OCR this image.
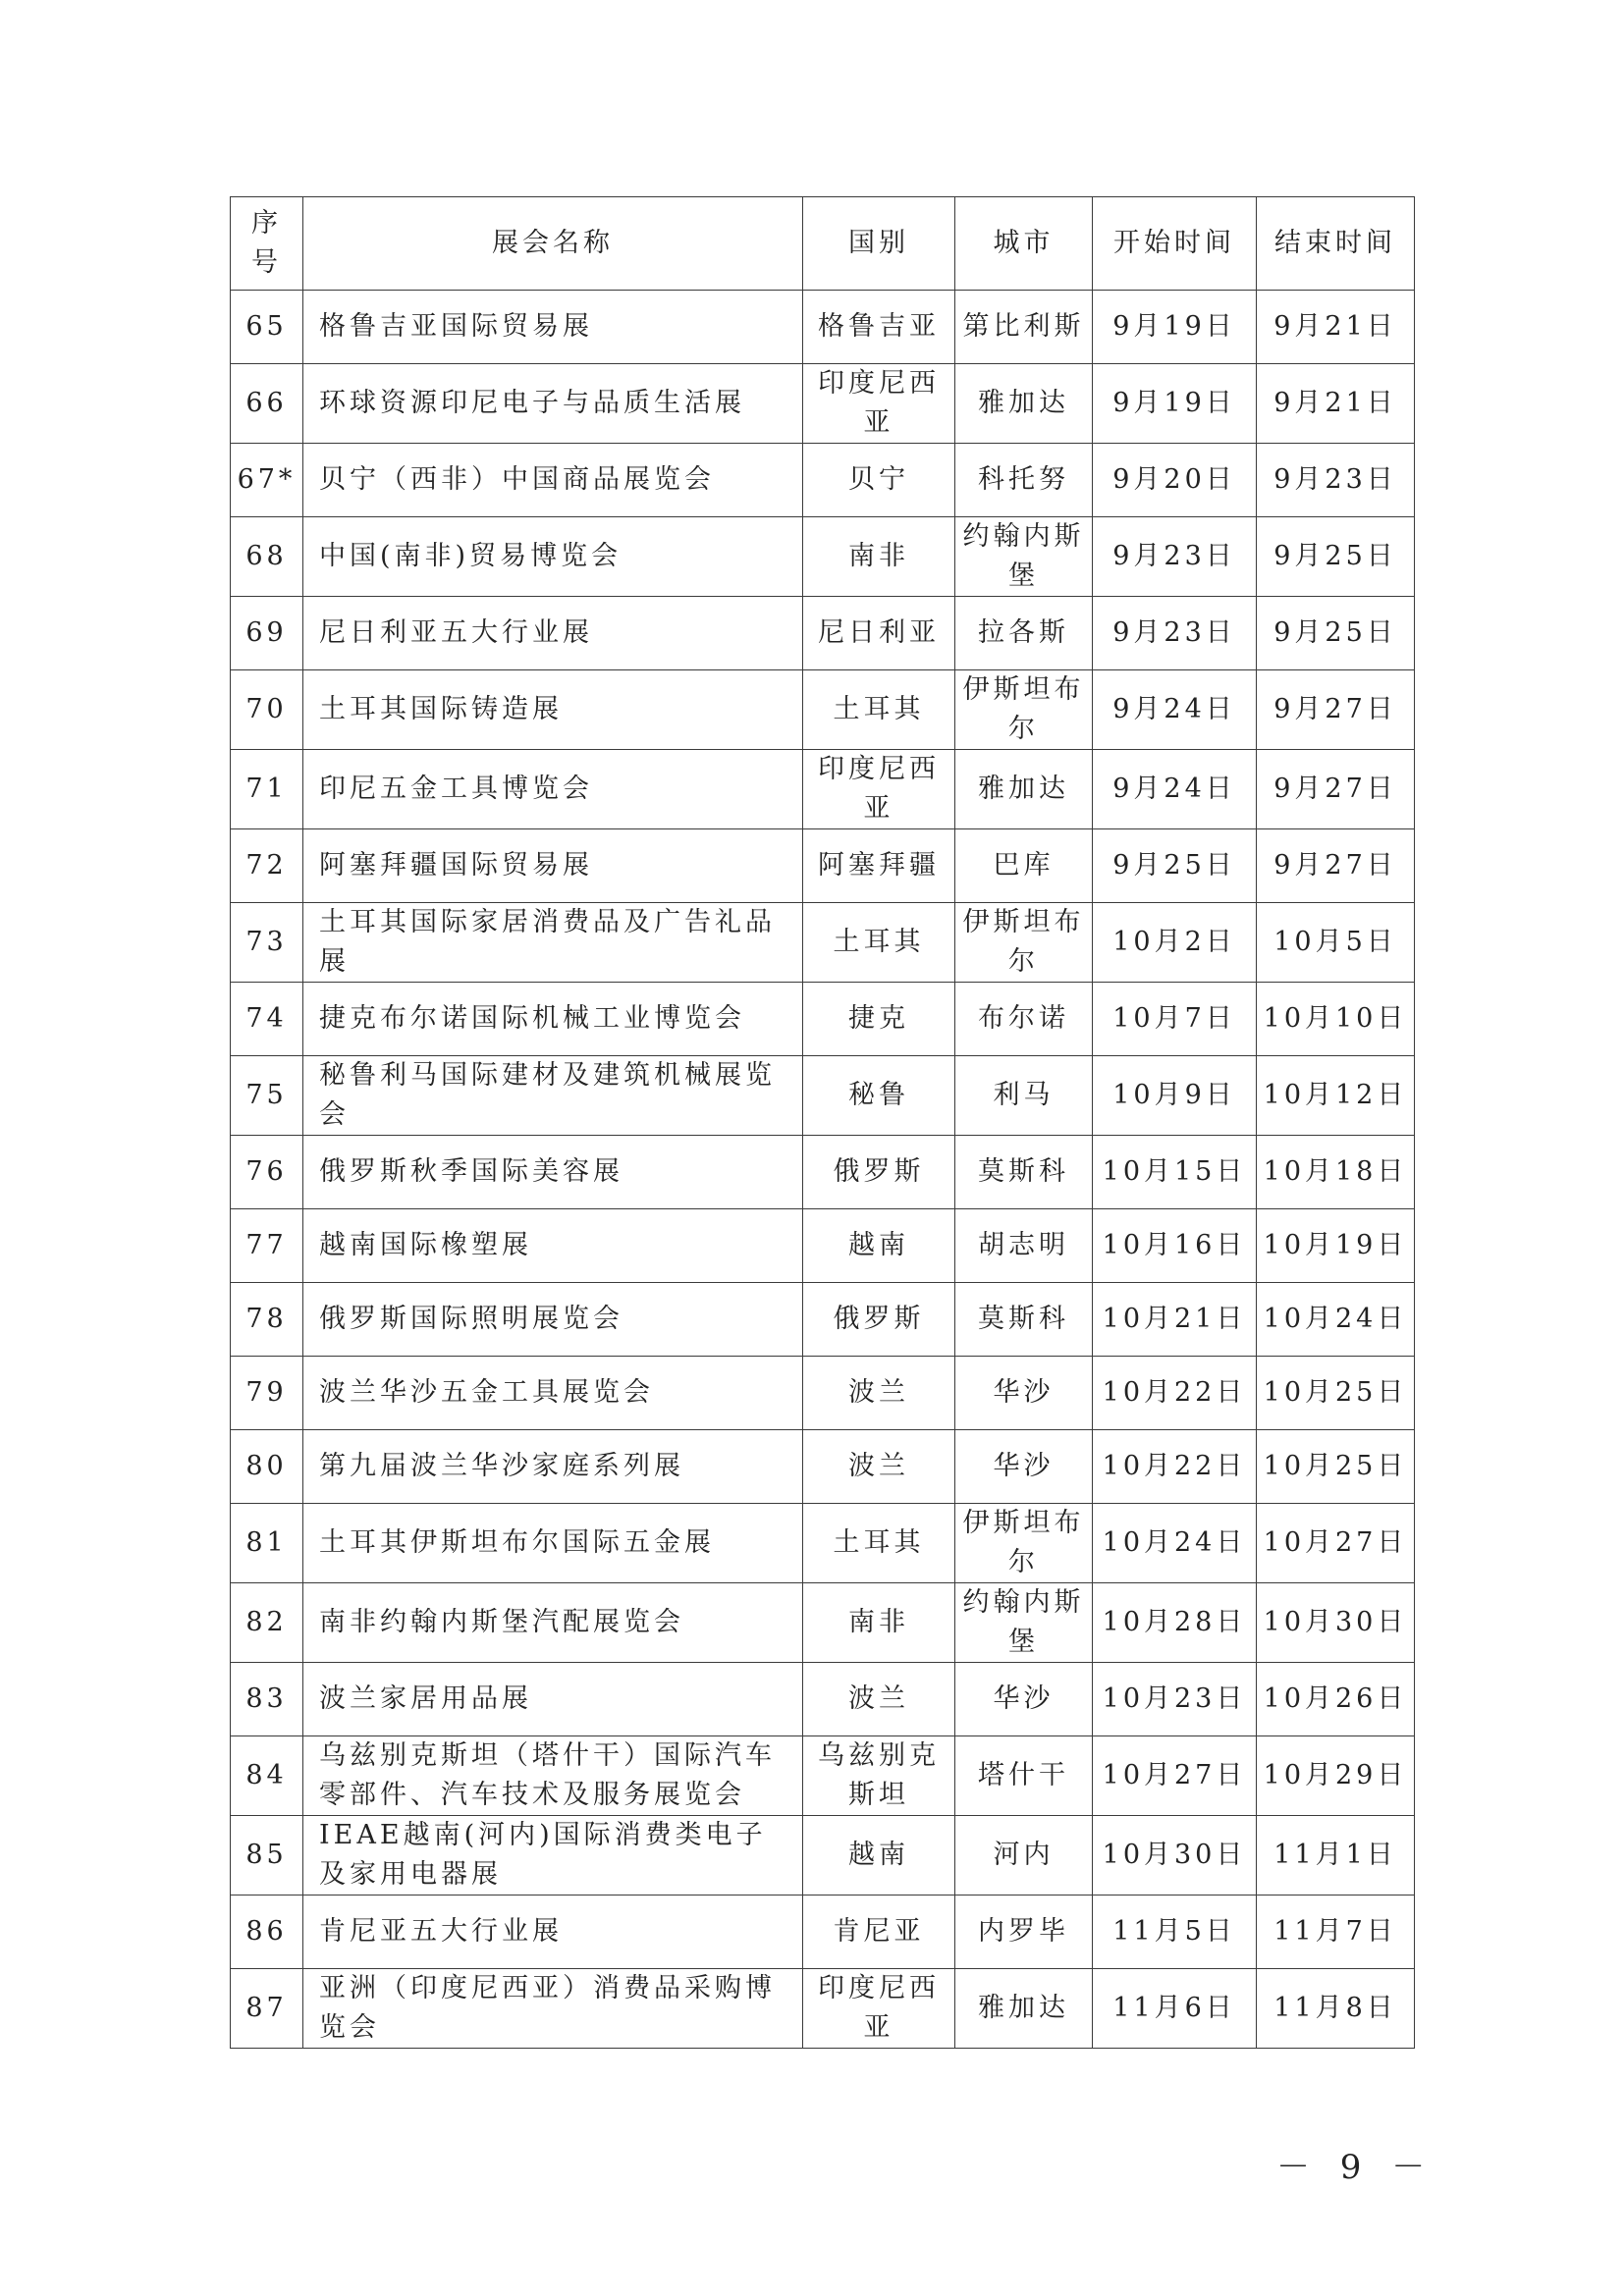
序号	展会名称	国别	城市	开始时间	结束时间
65	格鲁吉亚国际贸易展	格鲁吉亚	第比利斯	9月19日	9月21日
66	环球资源印尼电子与品质生活展	印度尼西亚	雅加达	9月19日	9月21日
67*	贝宁（西非）中国商品展览会	贝宁	科托努	9月20日	9月23日
68	中国(南非)贸易博览会	南非	约翰内斯堡	9月23日	9月25日
69	尼日利亚五大行业展	尼日利亚	拉各斯	9月23日	9月25日
70	土耳其国际铸造展	土耳其	伊斯坦布尔	9月24日	9月27日
71	印尼五金工具博览会	印度尼西亚	雅加达	9月24日	9月27日
72	阿塞拜疆国际贸易展	阿塞拜疆	巴库	9月25日	9月27日
73	土耳其国际家居消费品及广告礼品展	土耳其	伊斯坦布尔	10月2日	10月5日
74	捷克布尔诺国际机械工业博览会	捷克	布尔诺	10月7日	10月10日
75	秘鲁利马国际建材及建筑机械展览会	秘鲁	利马	10月9日	10月12日
76	俄罗斯秋季国际美容展	俄罗斯	莫斯科	10月15日	10月18日
77	越南国际橡塑展	越南	胡志明	10月16日	10月19日
78	俄罗斯国际照明展览会	俄罗斯	莫斯科	10月21日	10月24日
79	波兰华沙五金工具展览会	波兰	华沙	10月22日	10月25日
80	第九届波兰华沙家庭系列展	波兰	华沙	10月22日	10月25日
81	土耳其伊斯坦布尔国际五金展	土耳其	伊斯坦布尔	10月24日	10月27日
82	南非约翰内斯堡汽配展览会	南非	约翰内斯堡	10月28日	10月30日
83	波兰家居用品展	波兰	华沙	10月23日	10月26日
84	乌兹别克斯坦（塔什干）国际汽车零部件、汽车技术及服务展览会	乌兹别克斯坦	塔什干	10月27日	10月29日
85	IEAE越南(河内)国际消费类电子及家用电器展	越南	河内	10月30日	11月1日
86	肯尼亚五大行业展	肯尼亚	内罗毕	11月5日	11月7日
87	亚洲（印度尼西亚）消费品采购博览会	印度尼西亚	雅加达	11月6日	11月8日
－ 9 －
